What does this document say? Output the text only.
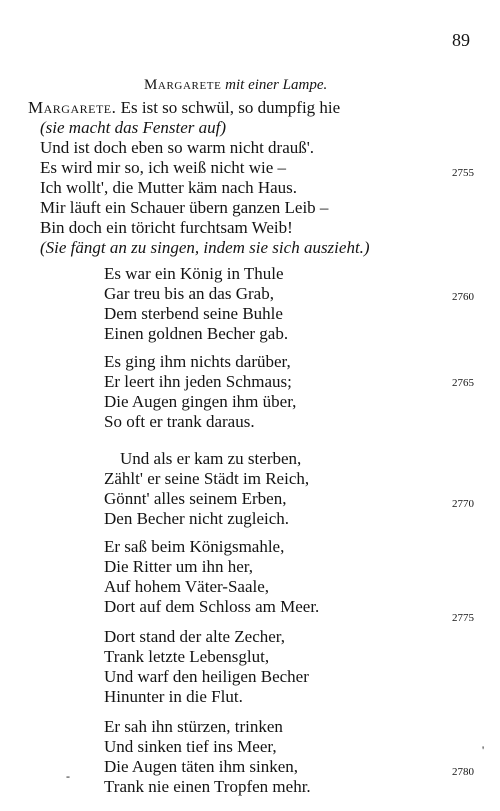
89
Margarete mit einer Lampe.
Margarete. Es ist so schwül, so dumpfig hie
(sie macht das Fenster auf)
Und ist doch eben so warm nicht drauß'.
Es wird mir so, ich weiß nicht wie –
Ich wollt', die Mutter käm nach Haus.
Mir läuft ein Schauer übern ganzen Leib –
Bin doch ein töricht furchtsam Weib!
(Sie fängt an zu singen, indem sie sich auszieht.)
Es war ein König in Thule
Gar treu bis an das Grab,
Dem sterbend seine Buhle
Einen goldnen Becher gab.
Es ging ihm nichts darüber,
Er leert ihn jeden Schmaus;
Die Augen gingen ihm über,
So oft er trank daraus.
Und als er kam zu sterben,
Zählt' er seine Städt im Reich,
Gönnt' alles seinem Erben,
Den Becher nicht zugleich.
Er saß beim Königsmahle,
Die Ritter um ihn her,
Auf hohem Väter-Saale,
Dort auf dem Schloss am Meer.
Dort stand der alte Zecher,
Trank letzte Lebensglut,
Und warf den heiligen Becher
Hinunter in die Flut.
Er sah ihn stürzen, trinken
Und sinken tief ins Meer,
Die Augen täten ihm sinken,
Trank nie einen Tropfen mehr.
2755
2760
2765
2770
2775
2780
'
-
